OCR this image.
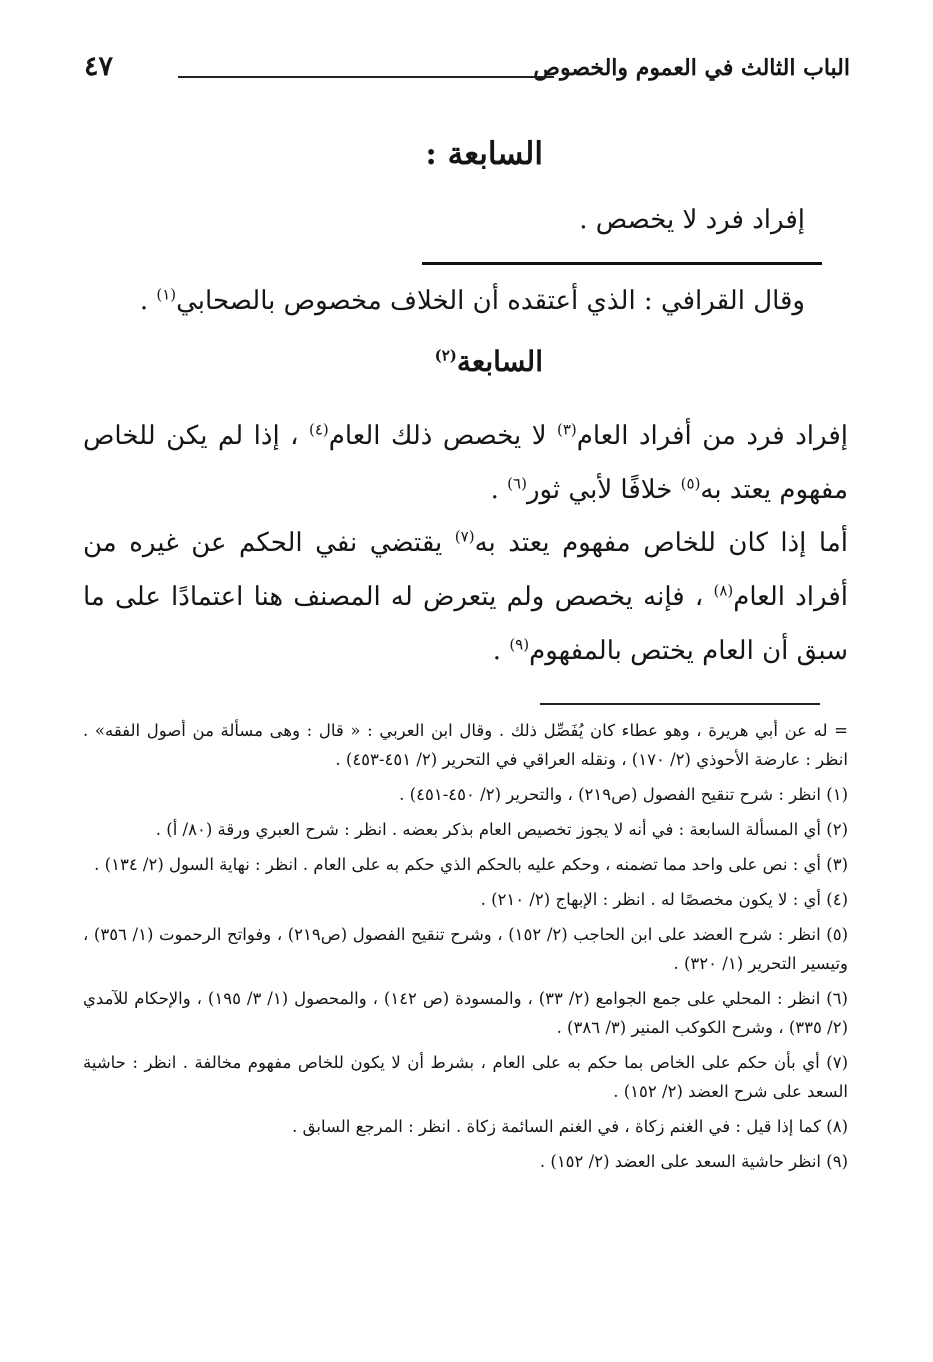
الباب الثالث في العموم والخصوص
٤٧
السابعة :
إفراد فرد لا يخصص .
وقال القرافي : الذي أعتقده أن الخلاف مخصوص بالصحابي$^{(١)}$ .
السابعة$^{(٢)}$
إفراد فرد من أفراد العام$^{(٣)}$ لا يخصص ذلك العام$^{(٤)}$ ، إذا لم يكن للخاص مفهوم يعتد به$^{(٥)}$ خلافًا لأبي ثور$^{(٦)}$ .
أما إذا كان للخاص مفهوم يعتد به$^{(٧)}$ يقتضي نفي الحكم عن غيره من أفراد العام$^{(٨)}$ ، فإنه يخصص ولم يتعرض له المصنف هنا اعتمادًا على ما سبق أن العام يختص بالمفهوم$^{(٩)}$ .

= له عن أبي هريرة ، وهو عطاء كان يُفَصِّل ذلك . وقال ابن العربي : « قال : وهى مسألة من أصول الفقه» . انظر : عارضة الأحوذي (٢/ ١٧٠) ، ونقله العراقي في التحرير (٢/ ٤٥١-٤٥٣) .

(١) انظر : شرح تنقيح الفصول (ص٢١٩) ، والتحرير (٢/ ٤٥٠-٤٥١) .

(٢) أي المسألة السابعة : في أنه لا يجوز تخصيص العام بذكر بعضه . انظر : شرح العبري ورقة (٨٠/ أ) .

(٣) أي : نص على واحد مما تضمنه ، وحكم عليه بالحكم الذي حكم به على العام . انظر : نهاية السول (٢/ ١٣٤) .

(٤) أي : لا يكون مخصصًا له . انظر : الإبهاج (٢/ ٢١٠) .

(٥) انظر : شرح العضد على ابن الحاجب (٢/ ١٥٢) ، وشرح تنقيح الفصول (ص٢١٩) ، وفواتح الرحموت (١/ ٣٥٦) ، وتيسير التحرير (١/ ٣٢٠) .

(٦) انظر : المحلي على جمع الجوامع (٢/ ٣٣) ، والمسودة (ص ١٤٢) ، والمحصول (١/ ٣/ ١٩٥) ، والإحكام للآمدي (٢/ ٣٣٥) ، وشرح الكوكب المنير (٣/ ٣٨٦) .

(٧) أي بأن حكم على الخاص بما حكم به على العام ، بشرط أن لا يكون للخاص مفهوم مخالفة . انظر : حاشية السعد على شرح العضد (٢/ ١٥٢) .

(٨) كما إذا قيل : في الغنم زكاة ، في الغنم السائمة زكاة . انظر : المرجع السابق .

(٩) انظر حاشية السعد على العضد (٢/ ١٥٢) .
